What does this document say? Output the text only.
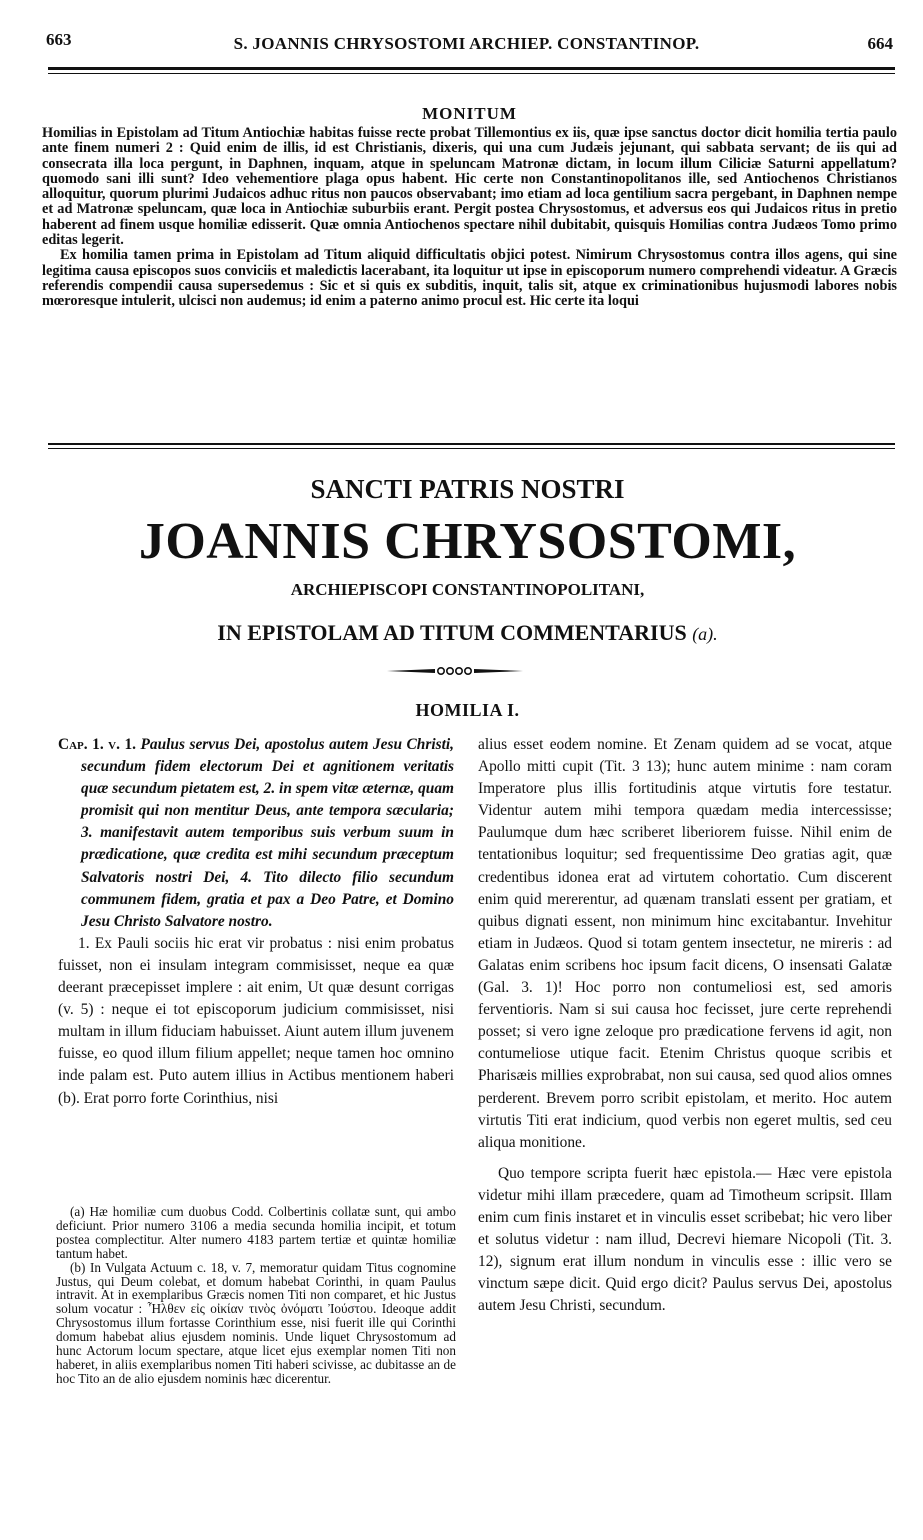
663	S. JOANNIS CHRYSOSTOMI ARCHIEP. CONSTANTINOP.	664
MONITUM

Homilias in Epistolam ad Titum Antiochiæ habitas fuisse recte probat Tillemontius ex iis, quæ ipse sanctus doctor dicit homilia tertia paulo ante finem numeri 2 : Quid enim de illis, id est Christianis, dixeris, qui una cum Judæis jejunant, qui sabbata servant; de iis qui ad consecrata illa loca pergunt, in Daphnen, inquam, atque in speluncam Matronæ dictam, in locum illum Ciliciæ Saturni appellatum? quomodo sani illi sunt? Ideo vehementiore plaga opus habent. Hic certe non Constantinopolitanos ille, sed Antiochenos Christianos alloquitur, quorum plurimi Judaicos adhuc ritus non paucos observabant; imo etiam ad loca gentilium sacra pergebant, in Daphnen nempe et ad Matronæ speluncam, quæ loca in Antiochiæ suburbiis erant. Pergit postea Chrysostomus, et adversus eos qui Judaicos ritus in pretio haberent ad finem usque homiliæ edisserit. Quæ omnia Antiochenos spectare nihil dubitabit, quisquis Homilias contra Judæos Tomo primo editas legerit.

Ex homilia tamen prima in Epistolam ad Titum aliquid difficultatis objici potest. Nimirum Chrysostomus contra illos agens, qui sine legitima causa episcopos suos conviciis et maledictis lacerabant, ita loquitur ut ipse in episcoporum numero comprehendi videatur. A Græcis referendis compendii causa supersedemus : Sic et si quis ex subditis, inquit, talis sit, atque ex criminationibus hujusmodi labores nobis mœroresque intulerit, ulcisci non audemus; id enim a paterno animo procul est. Hic certe ita loqui

SANCTI PATRIS NOSTRI
JOANNIS CHRYSOSTOMI,
ARCHIEPISCOPI CONSTANTINOPOLITANI,
IN EPISTOLAM AD TITUM COMMENTARIUS (a).
HOMILIA I.

Cap. 1. v. 1. Paulus servus Dei, apostolus autem Jesu Christi, secundum fidem electorum Dei et agnitionem veritatis quæ secundum pietatem est, 2. in spem vitæ æternæ, quam promisit qui non mentitur Deus, ante tempora sæcularia; 3. manifestavit autem temporibus suis verbum suum in prædicatione, quæ credita est mihi secundum præceptum Salvatoris nostri Dei, 4. Tito dilecto filio secundum communem fidem, gratia et pax a Deo Patre, et Domino Jesu Christo Salvatore nostro.

1. Ex Pauli sociis hic erat vir probatus : nisi enim probatus fuisset, non ei insulam integram commisisset, neque ea quæ deerant præcepisset implere : ait enim, Ut quæ desunt corrigas (v. 5) : neque ei tot episcoporum judicium commisisset, nisi multam in illum fiduciam habuisset. Aiunt autem illum juvenem fuisse, eo quod illum filium appellet; neque tamen hoc omnino inde palam est. Puto autem illius in Actibus mentionem haberi (b). Erat porro forte Corinthius, nisi

(a) Hæ homiliæ cum duobus Codd. Colbertinis collatæ sunt, qui ambo deficiunt. Prior numero 3106 a media secunda homilia incipit, et totum postea complectitur. Alter numero 4183 partem tertiæ et quintæ homiliæ tantum habet.

(b) In Vulgata Actuum c. 18, v. 7, memoratur quidam Titus cognomine Justus, qui Deum colebat, et domum habebat Corinthi, in quam Paulus intravit. At in exemplaribus Græcis nomen Titi non comparet, et hic Justus solum vocatur : Ἦλθεν εἰς οἰκίαν τινὸς ὀνόματι Ἰούστου. Ideoque addit Chrysostomus illum fortasse Corinthium esse, nisi fuerit ille qui Corinthi domum habebat alius ejusdem nominis. Unde liquet Chrysostomum ad hunc Actorum locum spectare, atque licet ejus exemplar nomen Titi non haberet, in aliis exemplaribus nomen Titi haberi scivisse, ac dubitasse an de hoc Tito an de alio ejusdem nominis hæc dicerentur.

alius esset eodem nomine. Et Zenam quidem ad se vocat, atque Apollo mitti cupit (Tit. 3 13); hunc autem minime : nam coram Imperatore plus illis fortitudinis atque virtutis fore testatur. Videntur autem mihi tempora quædam media intercessisse; Paulumque dum hæc scriberet liberiorem fuisse. Nihil enim de tentationibus loquitur; sed frequentissime Deo gratias agit, quæ credentibus idonea erat ad virtutem cohortatio. Cum discerent enim quid mererentur, ad quænam translati essent per gratiam, et quibus dignati essent, non minimum hinc excitabantur. Invehitur etiam in Judæos. Quod si totam gentem insectetur, ne mireris : ad Galatas enim scribens hoc ipsum facit dicens, O insensati Galatæ (Gal. 3. 1)! Hoc porro non contumeliosi est, sed amoris ferventioris. Nam si sui causa hoc fecisset, jure certe reprehendi posset; si vero igne zeloque pro prædicatione fervens id agit, non contumeliose utique facit. Etenim Christus quoque scribis et Pharisæis millies exprobrabat, non sui causa, sed quod alios omnes perderent. Brevem porro scribit epistolam, et merito. Hoc autem virtutis Titi erat indicium, quod verbis non egeret multis, sed ceu aliqua monitione.

Quo tempore scripta fuerit hæc epistola.— Hæc vere epistola videtur mihi illam præcedere, quam ad Timotheum scripsit. Illam enim cum finis instaret et in vinculis esset scribebat; hic vero liber et solutus videtur : nam illud, Decrevi hiemare Nicopoli (Tit. 3. 12), signum erat illum nondum in vinculis esse : illic vero se vinctum sæpe dicit. Quid ergo dicit? Paulus servus Dei, apostolus autem Jesu Christi, secundum.
